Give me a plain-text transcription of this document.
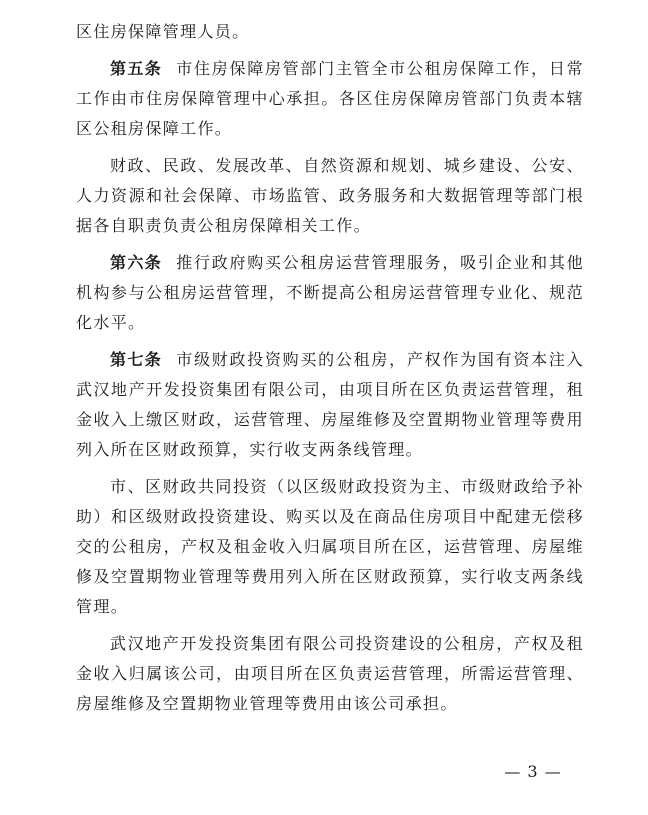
区住房保障管理人员。

第五条 市住房保障房管部门主管全市公租房保障工作，日常工作由市住房保障管理中心承担。各区住房保障房管部门负责本辖区公租房保障工作。

财政、民政、发展改革、自然资源和规划、城乡建设、公安、人力资源和社会保障、市场监管、政务服务和大数据管理等部门根据各自职责负责公租房保障相关工作。

第六条 推行政府购买公租房运营管理服务，吸引企业和其他机构参与公租房运营管理，不断提高公租房运营管理专业化、规范化水平。

第七条 市级财政投资购买的公租房，产权作为国有资本注入武汉地产开发投资集团有限公司，由项目所在区负责运营管理，租金收入上缴区财政，运营管理、房屋维修及空置期物业管理等费用列入所在区财政预算，实行收支两条线管理。

市、区财政共同投资（以区级财政投资为主、市级财政给予补助）和区级财政投资建设、购买以及在商品住房项目中配建无偿移交的公租房，产权及租金收入归属项目所在区，运营管理、房屋维修及空置期物业管理等费用列入所在区财政预算，实行收支两条线管理。

武汉地产开发投资集团有限公司投资建设的公租房，产权及租金收入归属该公司，由项目所在区负责运营管理，所需运营管理、房屋维修及空置期物业管理等费用由该公司承担。

— 3 —
